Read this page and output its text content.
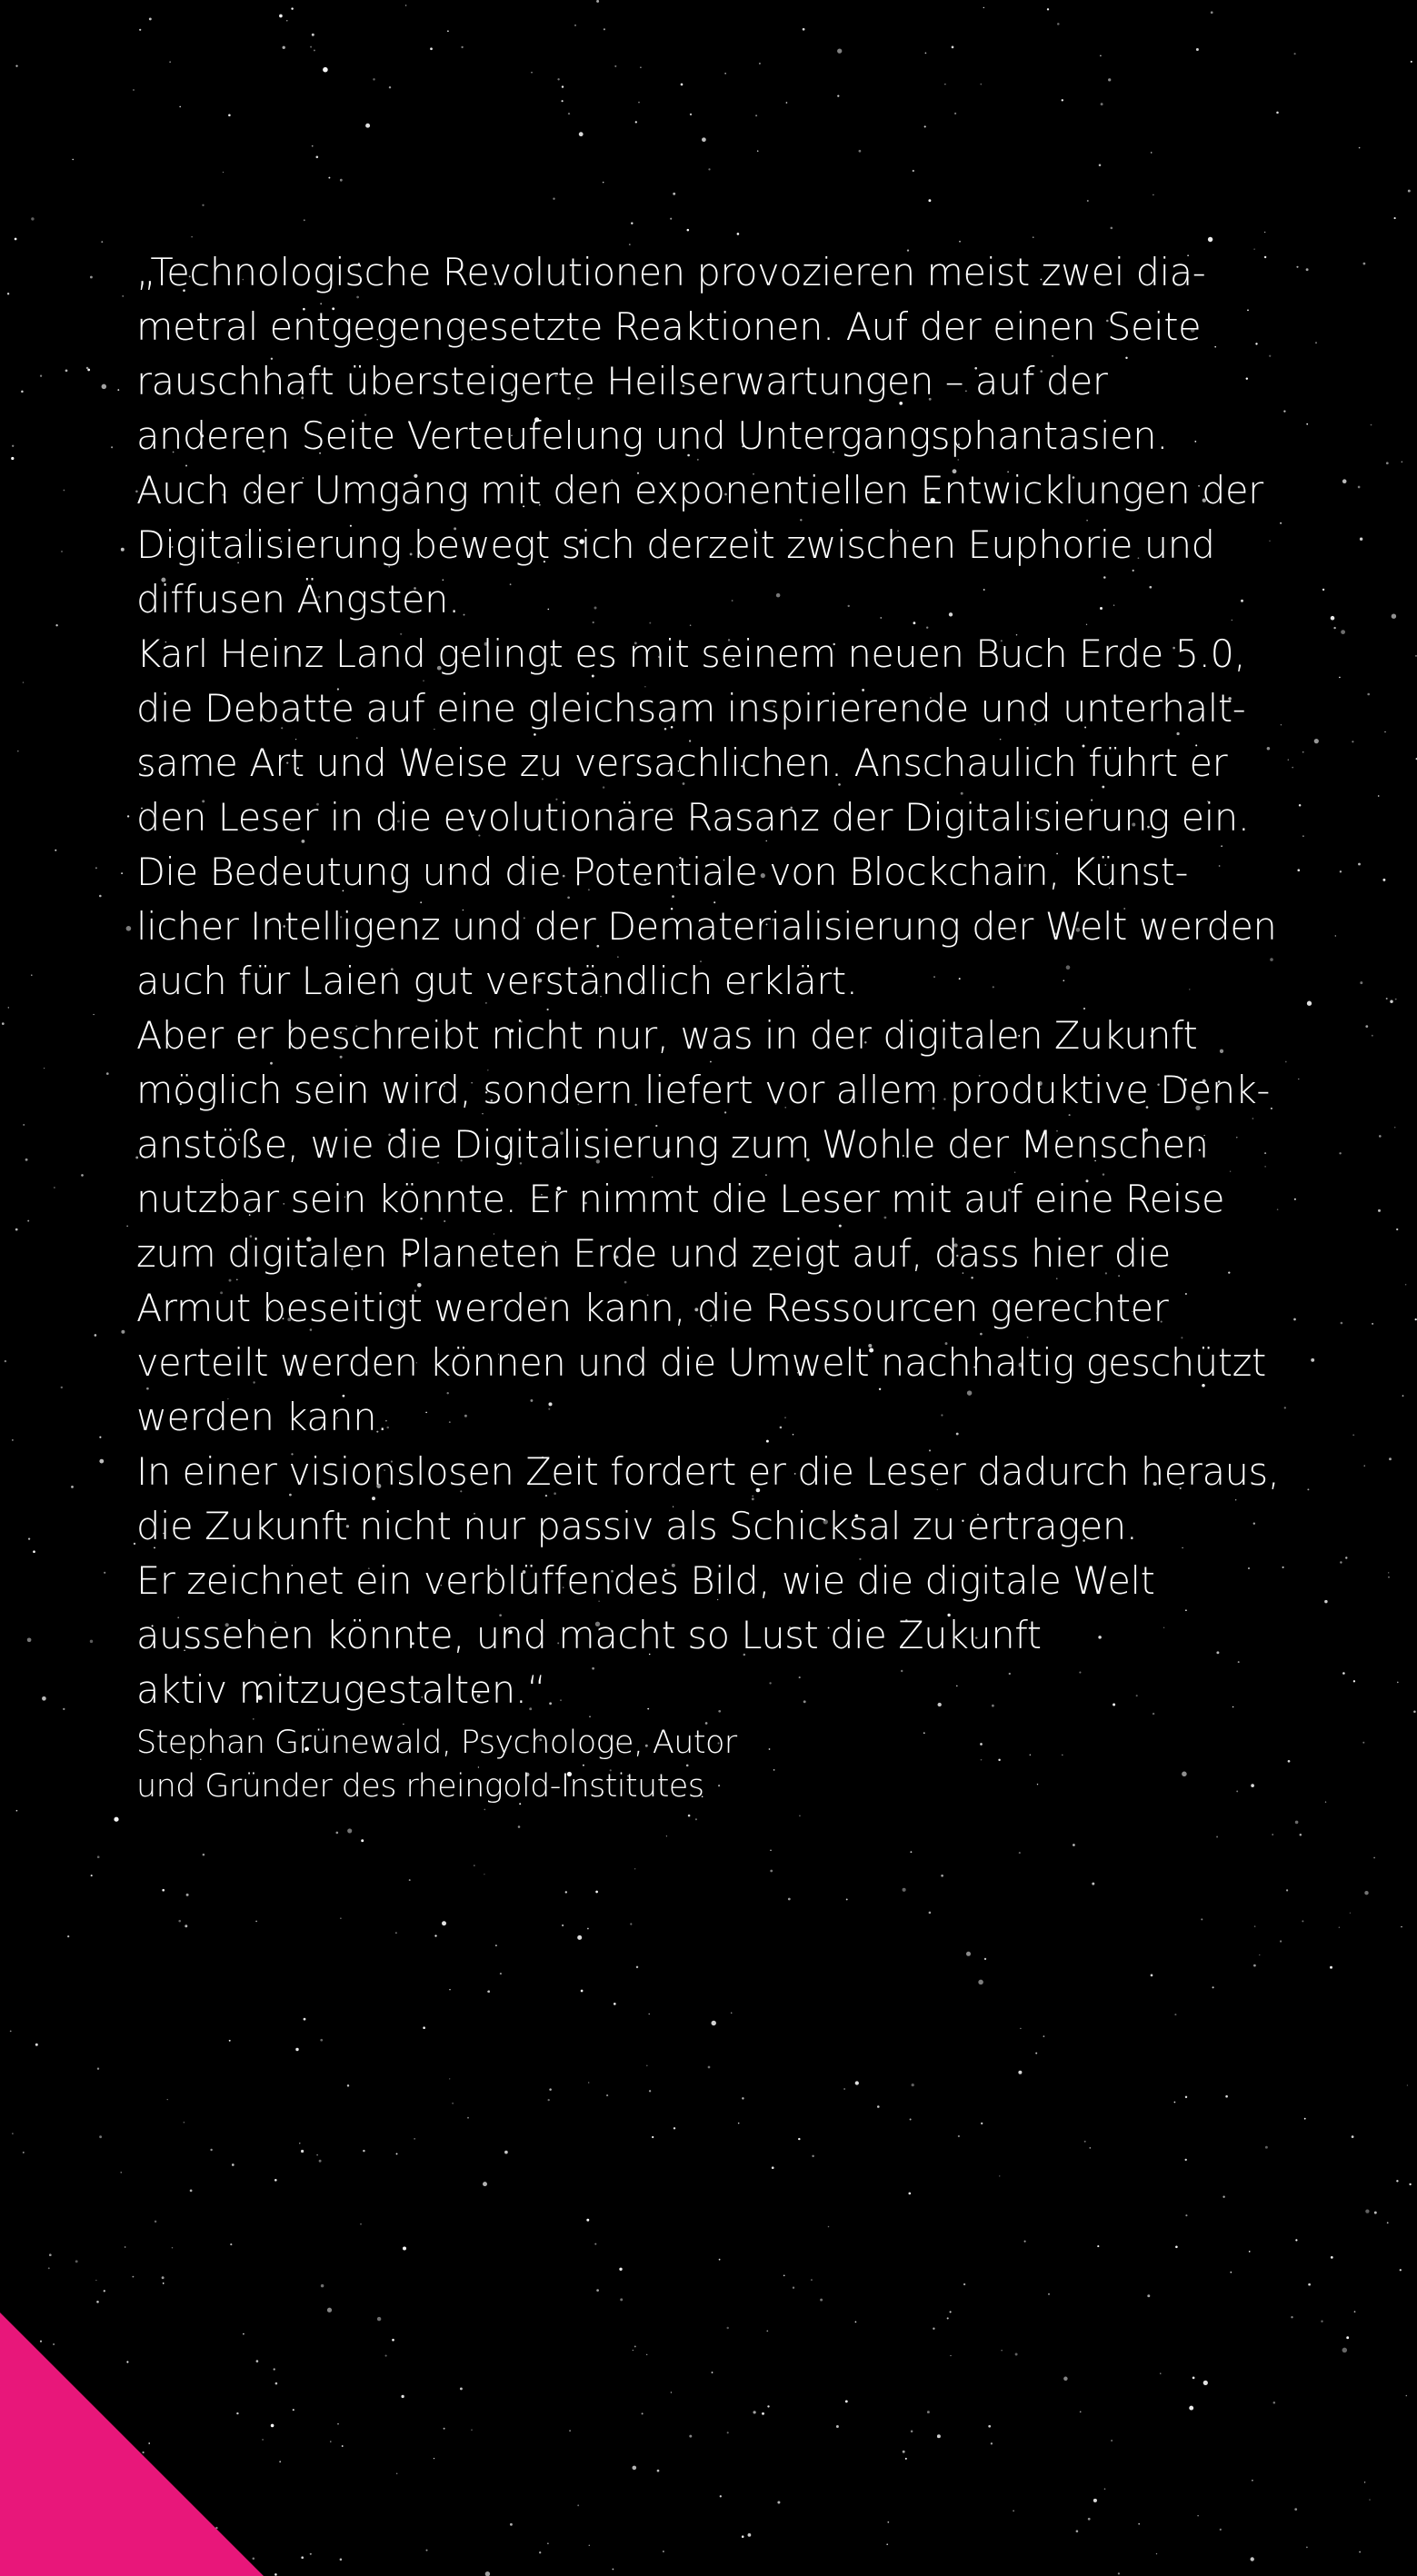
„Technologische Revolutionen provozieren meist zwei dia-
metral entgegengesetzte Reaktionen. Auf der einen Seite
rauschhaft übersteigerte Heilserwartungen – auf der
anderen Seite Verteufelung und Untergangsphantasien.
Auch der Umgang mit den exponentiellen Entwicklungen der
Digitalisierung bewegt sich derzeit zwischen Euphorie und
diffusen Ängsten.
Karl Heinz Land gelingt es mit seinem neuen Buch Erde 5.0,
die Debatte auf eine gleichsam inspirierende und unterhalt-
same Art und Weise zu versachlichen. Anschaulich führt er
den Leser in die evolutionäre Rasanz der Digitalisierung ein.
Die Bedeutung und die Potentiale von Blockchain, Künst-
licher Intelligenz und der Dematerialisierung der Welt werden
auch für Laien gut verständlich erklärt.
Aber er beschreibt nicht nur, was in der digitalen Zukunft
möglich sein wird, sondern liefert vor allem produktive Denk-
anstöße, wie die Digitalisierung zum Wohle der Menschen
nutzbar sein könnte. Er nimmt die Leser mit auf eine Reise
zum digitalen Planeten Erde und zeigt auf, dass hier die
Armut beseitigt werden kann, die Ressourcen gerechter
verteilt werden können und die Umwelt nachhaltig geschützt
werden kann.
In einer visionslosen Zeit fordert er die Leser dadurch heraus,
die Zukunft nicht nur passiv als Schicksal zu ertragen.
Er zeichnet ein verblüffendes Bild, wie die digitale Welt
aussehen könnte, und macht so Lust die Zukunft
aktiv mitzugestalten.“
Stephan Grünewald, Psychologe, Autor
und Gründer des rheingold-Institutes
